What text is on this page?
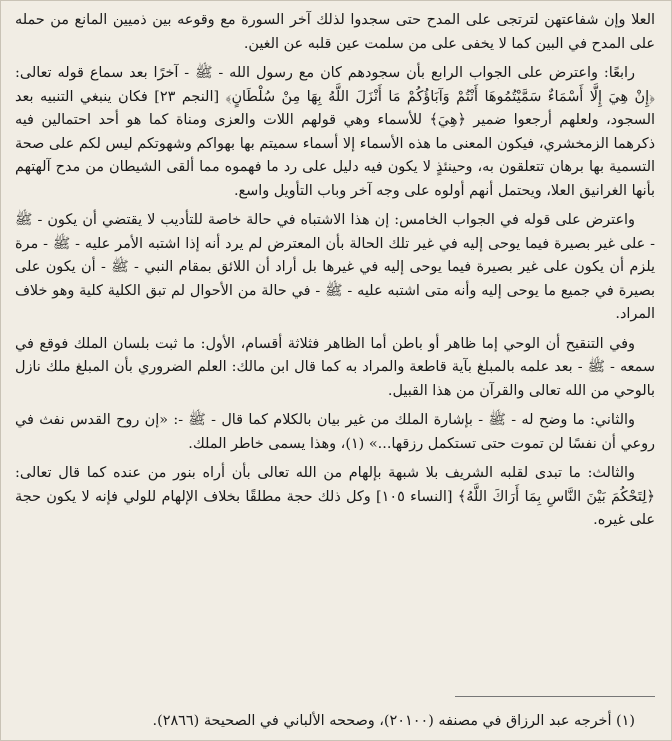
العلا وإن شفاعتهن لترتجى على المدح حتى سجدوا لذلك آخر السورة مع وقوعه بين ذميين المانع من حمله على المدح في البين كما لا يخفى على من سلمت عين قلبه عن الغين.

رابعًا: واعترض على الجواب الرابع بأن سجودهم كان مع رسول الله - ﷺ - آخرًا بعد سماع قوله تعالى: ﴿إِنْ هِيَ إِلَّا أَسْمَاءٌ سَمَّيْتُمُوهَا أَنْتُمْ وَآبَاؤُكُمْ مَا أَنْزَلَ اللَّهُ بِهَا مِنْ سُلْطَانٍ﴾ [النجم ٢٣] فكان ينبغي التنبيه بعد السجود، ولعلهم أرجعوا ضمير ﴿هِيَ﴾ للأسماء وهي قولهم اللات والعزى ومناة كما هو أحد احتمالين فيه ذكرهما الزمخشري، فيكون المعنى ما هذه الأسماء إلا أسماء سميتم بها بهواكم وشهوتكم ليس لكم على صحة التسمية بها برهان تتعلقون به، وحينئذٍ لا يكون فيه دليل على رد ما فهموه مما ألقى الشيطان من مدح آلهتهم بأنها الغرانيق العلا، ويحتمل أنهم أولوه على وجه آخر وباب التأويل واسع.

واعترض على قوله في الجواب الخامس: إن هذا الاشتباه في حالة خاصة للتأديب لا يقتضي أن يكون - ﷺ - على غير بصيرة فيما يوحى إليه في غير تلك الحالة بأن المعترض لم يرد أنه إذا اشتبه الأمر عليه - ﷺ - مرة يلزم أن يكون على غير بصيرة فيما يوحى إليه في غيرها بل أراد أن اللائق بمقام النبي - ﷺ - أن يكون على بصيرة في جميع ما يوحى إليه وأنه متى اشتبه عليه - ﷺ - في حالة من الأحوال لم تبق الكلية كلية وهو خلاف المراد.

وفي التنقيح أن الوحي إما ظاهر أو باطن أما الظاهر فثلاثة أقسام، الأول: ما ثبت بلسان الملك فوقع في سمعه - ﷺ - بعد علمه بالمبلغ بآية قاطعة والمراد به كما قال ابن مالك: العلم الضروري بأن المبلغ ملك نازل بالوحي من الله تعالى والقرآن من هذا القبيل.

والثاني: ما وضح له - ﷺ - بإشارة الملك من غير بيان بالكلام كما قال - ﷺ -: «إن روح القدس نفث في روعي أن نفسًا لن تموت حتى تستكمل رزقها...» (١)، وهذا يسمى خاطر الملك.

والثالث: ما تبدى لقلبه الشريف بلا شبهة بإلهام من الله تعالى بأن أراه بنور من عنده كما قال تعالى: ﴿لِتَحْكُمَ بَيْنَ النَّاسِ بِمَا أَرَاكَ اللَّهُ﴾ [النساء ١٠٥] وكل ذلك حجة مطلقًا بخلاف الإلهام للولي فإنه لا يكون حجة على غيره.

(١) أخرجه عبد الرزاق في مصنفه (٢٠١٠٠)، وصححه الألباني في الصحيحة (٢٨٦٦).
